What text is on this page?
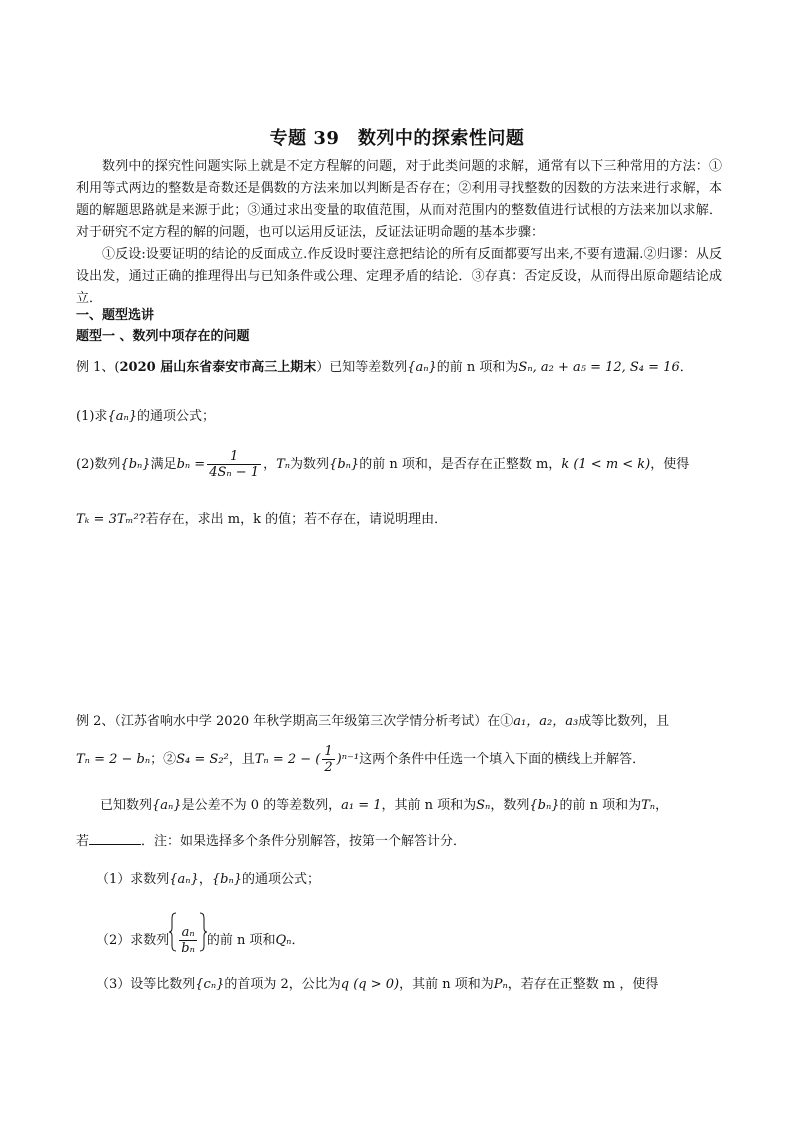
专题 39　数列中的探索性问题
数列中的探究性问题实际上就是不定方程解的问题，对于此类问题的求解，通常有以下三种常用的方法：①利用等式两边的整数是奇数还是偶数的方法来加以判断是否存在；②利用寻找整数的因数的方法来进行求解，本题的解题思路就是来源于此；③通过求出变量的取值范围，从而对范围内的整数值进行试根的方法来加以求解．对于研究不定方程的解的问题，也可以运用反证法，反证法证明命题的基本步骤：
①反设:设要证明的结论的反面成立.作反设时要注意把结论的所有反面都要写出来,不要有遗漏.②归谬：从反设出发，通过正确的推理得出与已知条件或公理、定理矛盾的结论．③存真：否定反设，从而得出原命题结论成立．
一、题型选讲
题型一 、数列中项存在的问题
例 1、(2020 届山东省泰安市高三上期末）已知等差数列{aₙ}的前 n 项和为Sₙ, a₂ + a₅ = 12, S₄ = 16．
(1)求{aₙ}的通项公式；
(2)数列{bₙ}满足$b_n = \frac{1}{\text{4Sₙ − 1}}$ ，Tₙ为数列{bₙ}的前 n 项和，是否存在正整数 m，k (1 < m < k)，使得
Tₖ = 3Tₘ²?若存在，求出 m，k 的值；若不存在，请说明理由．
例 2、（江苏省响水中学 2020 年秋学期高三年级第三次学情分析考试）在①a₁，a₂，a₃成等比数列，且
Tₙ = 2 − bₙ；②S₄ = S₂²，且Tₙ = 2 − ( $\frac{1}{2} )^{n-1}$这两个条件中任选一个填入下面的横线上并解答．
已知数列{aₙ}是公差不为 0 的等差数列，a₁ = 1，其前 n 项和为Sₙ，数列{bₙ}的前 n 项和为Tₙ，
若	．注：如果选择多个条件分别解答，按第一个解答计分．
（1）求数列{aₙ}，{bₙ}的通项公式；
（2）求数列 $\frac{\text{aₙ}}{\text{bₙ}}$ 的前 n 项和Qₙ．
（3）设等比数列{cₙ}的首项为 2，公比为q (q > 0)，其前 n 项和为Pₙ，若存在正整数 m ，使得
